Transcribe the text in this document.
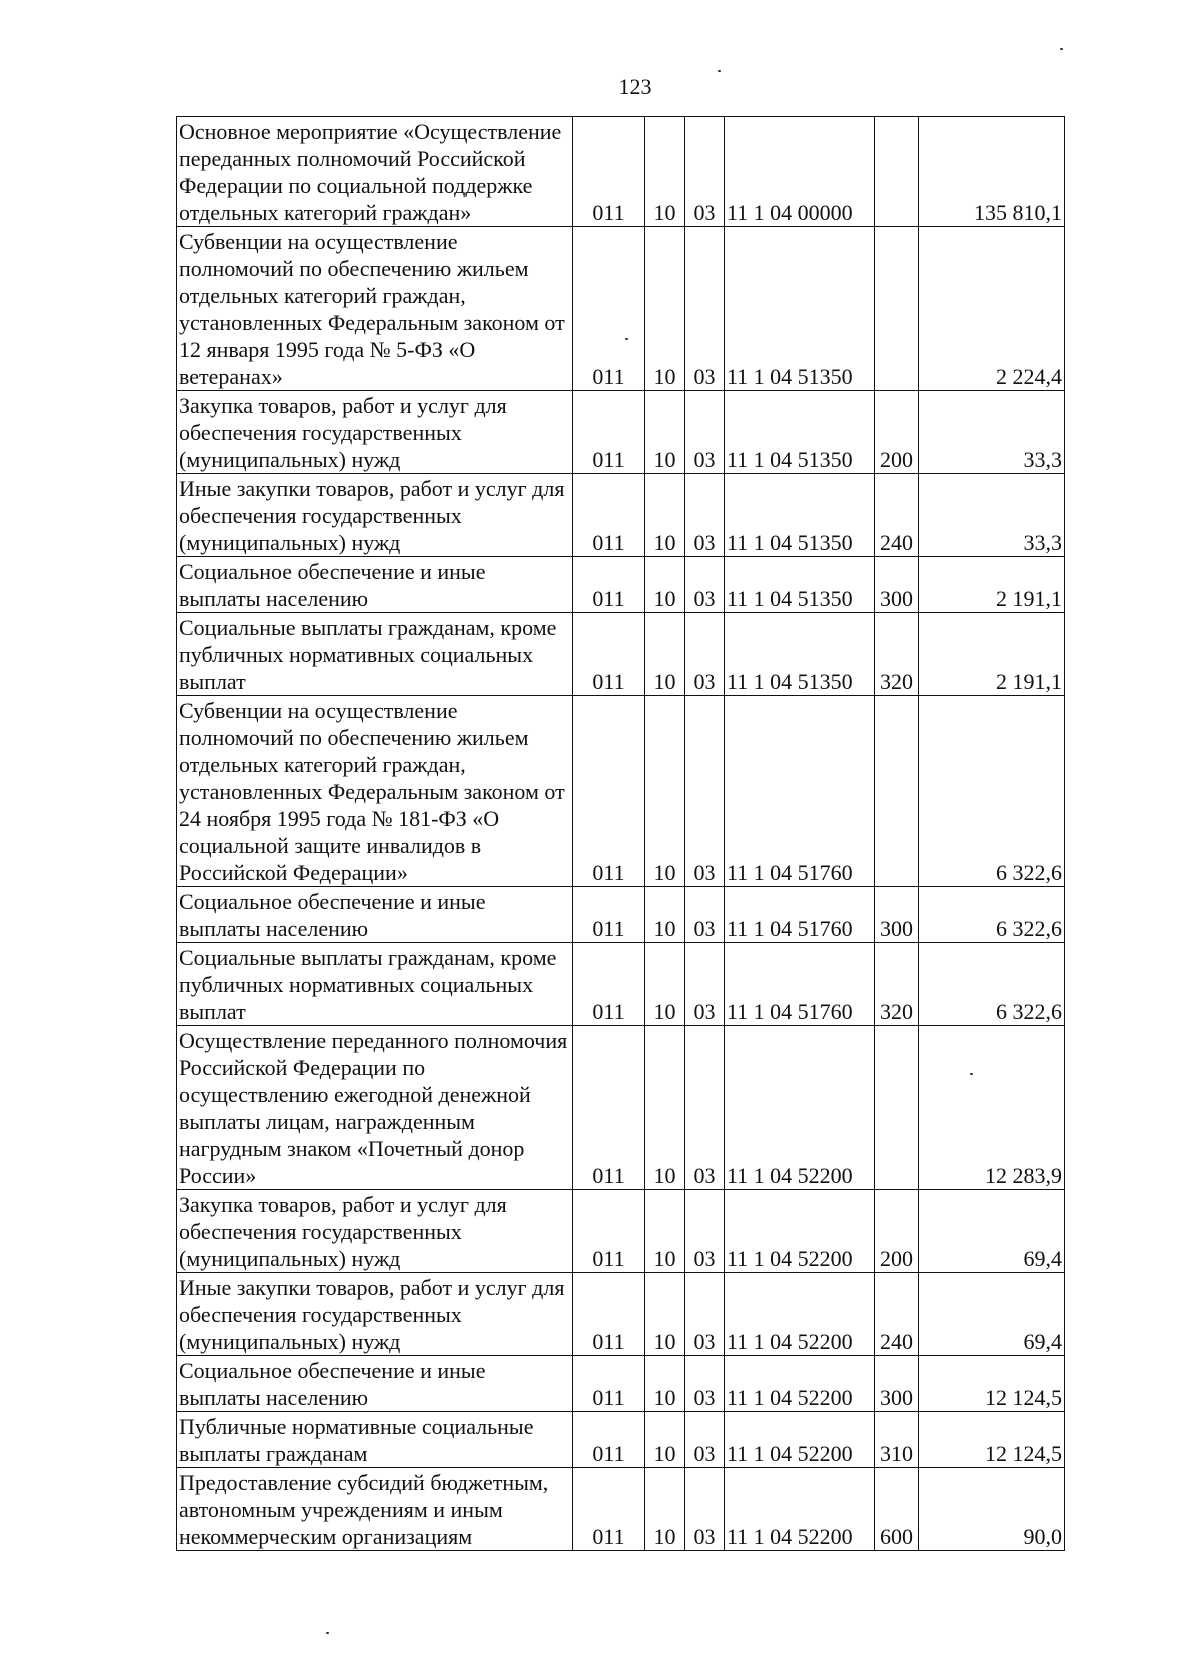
123
Основное мероприятие «Осуществление переданных полномочий Российской Федерации по социальной поддержке отдельных категорий граждан»	011	10	03	11 1 04 00000		135 810,1
Субвенции на осуществление полномочий по обеспечению жильем отдельных категорий граждан, установленных Федеральным законом от 12 января 1995 года № 5-ФЗ «О ветеранах»	011	10	03	11 1 04 51350		2 224,4
Закупка товаров, работ и услуг для обеспечения государственных (муниципальных) нужд	011	10	03	11 1 04 51350	200	33,3
Иные закупки товаров, работ и услуг для обеспечения государственных (муниципальных) нужд	011	10	03	11 1 04 51350	240	33,3
Социальное обеспечение и иные выплаты населению	011	10	03	11 1 04 51350	300	2 191,1
Социальные выплаты гражданам, кроме публичных нормативных социальных выплат	011	10	03	11 1 04 51350	320	2 191,1
Субвенции на осуществление полномочий по обеспечению жильем отдельных категорий граждан, установленных Федеральным законом от 24 ноября 1995 года № 181-ФЗ «О социальной защите инвалидов в Российской Федерации»	011	10	03	11 1 04 51760		6 322,6
Социальное обеспечение и иные выплаты населению	011	10	03	11 1 04 51760	300	6 322,6
Социальные выплаты гражданам, кроме публичных нормативных социальных выплат	011	10	03	11 1 04 51760	320	6 322,6
Осуществление переданного полномочия Российской Федерации по осуществлению ежегодной денежной выплаты лицам, награжденным нагрудным знаком «Почетный донор России»	011	10	03	11 1 04 52200		12 283,9
Закупка товаров, работ и услуг для обеспечения государственных (муниципальных) нужд	011	10	03	11 1 04 52200	200	69,4
Иные закупки товаров, работ и услуг для обеспечения государственных (муниципальных) нужд	011	10	03	11 1 04 52200	240	69,4
Социальное обеспечение и иные выплаты населению	011	10	03	11 1 04 52200	300	12 124,5
Публичные нормативные социальные выплаты гражданам	011	10	03	11 1 04 52200	310	12 124,5
Предоставление субсидий бюджетным, автономным учреждениям и иным некоммерческим организациям	011	10	03	11 1 04 52200	600	90,0
